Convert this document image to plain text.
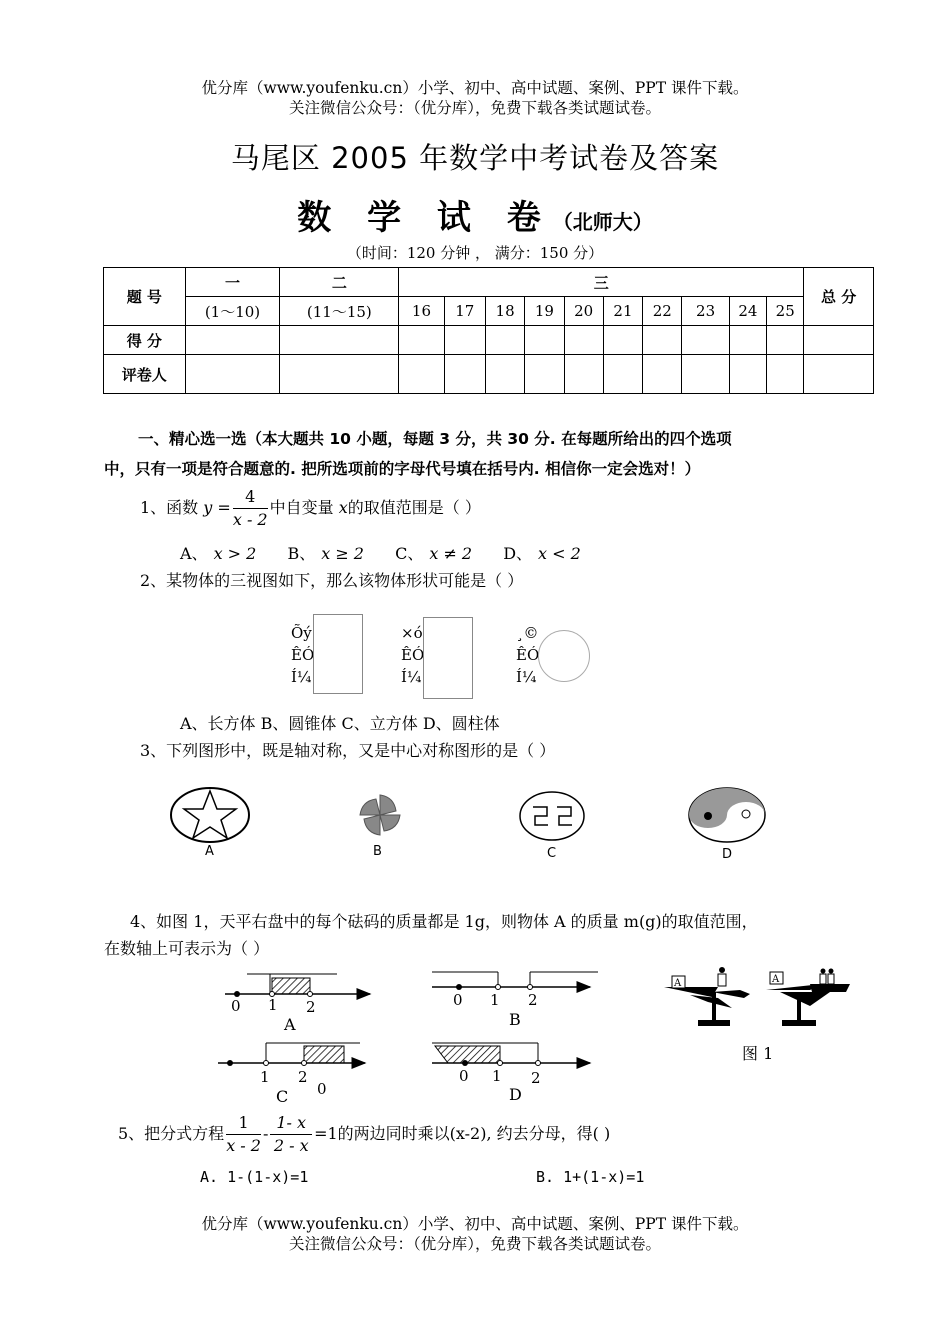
优分库（www.youfenku.cn）小学、初中、高中试题、案例、PPT 课件下载。
关注微信公众号：（优分库），免费下载各类试题试卷。
马尾区 2005 年数学中考试卷及答案
数 学 试 卷（北师大）
（时间：120 分钟 ， 满分：150 分）
题 号	一	二	三										总 分
	(1～10)	(11～15)	16	17	18	19	20	21	22	23	24	25	
得 分													
评卷人													
一、精心选一选（本大题共 10 小题，每题 3 分，共 30 分. 在每题所给出的四个选项
中，只有一项是符合题意的. 把所选项前的字母代号填在括号内. 相信你一定会选对！）
1、函数 $y = \frac{4}{x - 2}$ 中自变量 x的取值范围是（ ）
A、 x > 2 B、 x ≥ 2 C、 x ≠ 2 D、 x < 2
2、某物体的三视图如下，那么该物体形状可能是（ ）
Õý
ÊÓ
Í¼
×ó
ÊÓ
Í¼
¸©
ÊÓ
Í¼
A、长方体 B、圆锥体 C、立方体 D、圆柱体
3、下列图形中，既是轴对称，又是中心对称图形的是（ ）
A	B	C	D
4、如图 1，天平右盘中的每个砝码的质量都是 1g，则物体 A 的质量 m(g)的取值范围，
在数轴上可表示为（ ）
0 1 2
A
0 1 2
B
1 2
0
C
0 1 2
D
A	A
图 1
5、把分式方程 $\frac{1}{x - 2} - \frac{1- x}{2 - x} =1$的两边同时乘以(x-2), 约去分母，得( )
A. 1-(1-x)=1	B. 1+(1-x)=1
优分库（www.youfenku.cn）小学、初中、高中试题、案例、PPT 课件下载。
关注微信公众号：（优分库），免费下载各类试题试卷。
